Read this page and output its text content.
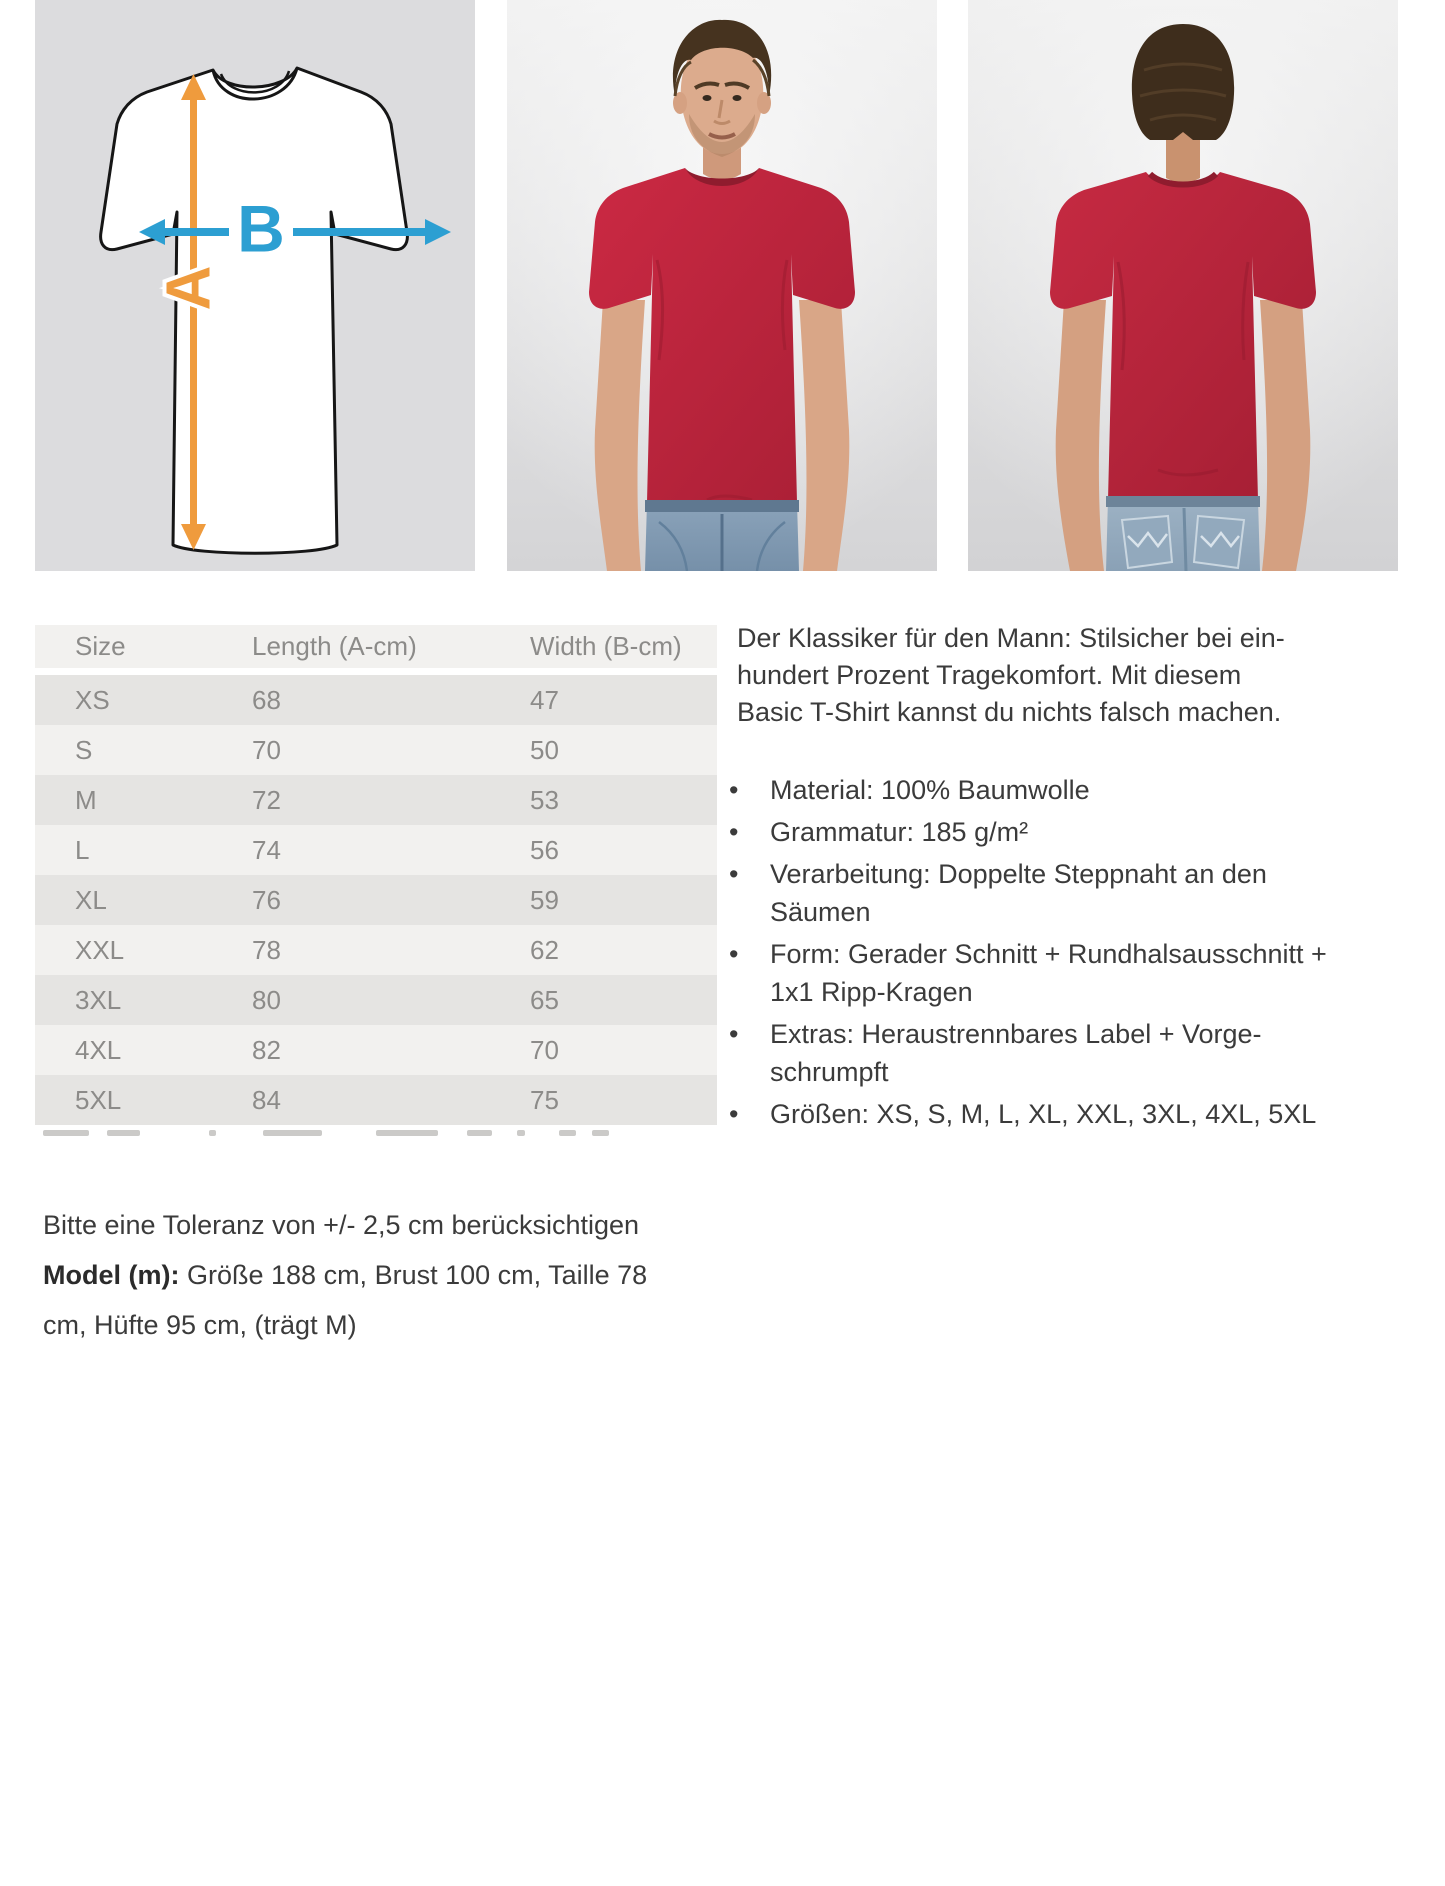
A
B
Size	Length (A-cm)	Width (B-cm)
XS	68	47
S	70	50
M	72	53
L	74	56
XL	76	59
XXL	78	62
3XL	80	65
4XL	82	70
5XL	84	75

Der Klassiker für den Mann: Stilsicher bei ein-
hundert Prozent Tragekomfort. Mit diesem
Basic T-Shirt kannst du nichts falsch machen.

• Material: 100% Baumwolle
• Grammatur: 185 g/m²
• Verarbeitung: Doppelte Steppnaht an den Säumen
• Form: Gerader Schnitt + Rundhalsausschnitt + 1x1 Ripp-Kragen
• Extras: Heraustrennbares Label + Vorgeschrumpft
• Größen: XS, S, M, L, XL, XXL, 3XL, 4XL, 5XL
Bitte eine Toleranz von +/- 2,5 cm berücksichtigen
Model (m): Größe 188 cm, Brust 100 cm, Taille 78 cm, Hüfte 95 cm, (trägt M)
